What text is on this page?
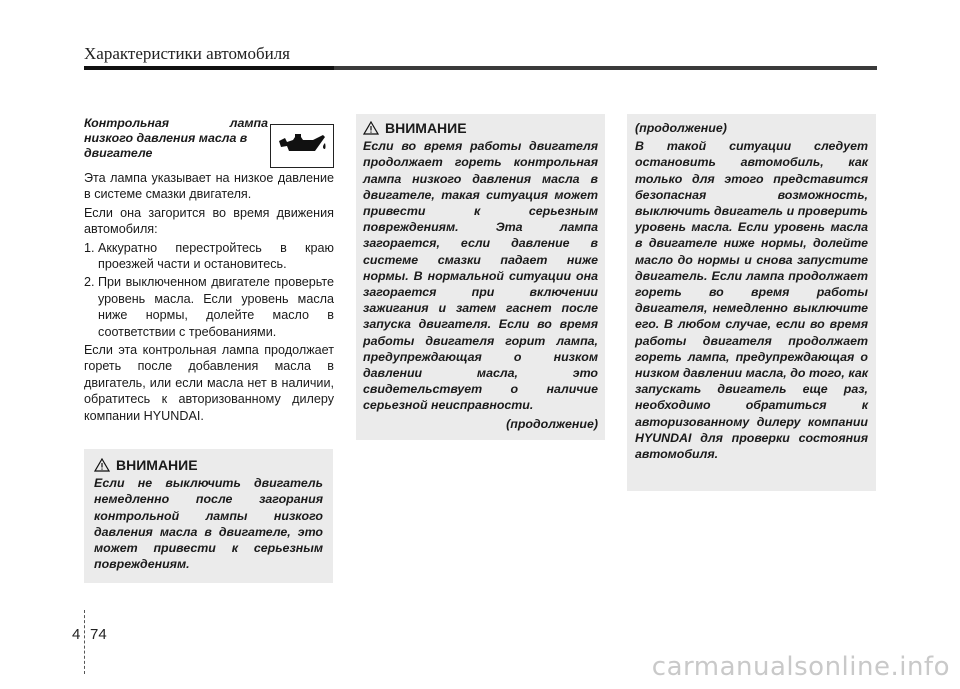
Характеристики автомобиля
Контрольная лампа
низкого давления масла в
двигателе

Эта лампа указывает на низкое давление в системе смазки двигателя.

Если она загорится во время движения автомобиля:

1. Аккуратно перестройтесь в краю проезжей части и остановитесь.
2. При выключенном двигателе проверьте уровень масла. Если уровень масла ниже нормы, долейте масло в соответствии с требованиями.

Если эта контрольная лампа продолжает гореть после добавления масла в двигатель, или если масла нет в наличии, обратитесь к авторизованному дилеру компании HYUNDAI.

ВНИМАНИЕ
Если не выключить двигатель немедленно после загорания контрольной лампы низкого давления масла в двигателе, это может привести к серьезным повреждениям.
ВНИМАНИЕ
Если во время работы двигателя продолжает гореть контрольная лампа низкого давления масла в двигателе, такая ситуация может привести к серьезным повреждениям. Эта лампа загорается, если давление в системе смазки падает ниже нормы. В нормальной ситуации она загорается при включении зажигания и затем гаснет после запуска двигателя. Если во время работы двигателя горит лампа, предупреждающая о низком давлении масла, это свидетельствует о наличие серьезной неисправности.
(продолжение)
(продолжение)
В такой ситуации следует остановить автомобиль, как только для этого представится безопасная возможность, выключить двигатель и проверить уровень масла. Если уровень масла в двигателе ниже нормы, долейте масло до нормы и снова запустите двигатель. Если лампа продолжает гореть во время работы двигателя, немедленно выключите его. В любом случае, если во время работы двигателя продолжает гореть лампа, предупреждающая о низком давлении масла, до того, как запускать двигатель еще раз, необходимо обратиться к авторизованному дилеру компании HYUNDAI для проверки состояния автомобиля.
4 74
carmanualsonline.info
